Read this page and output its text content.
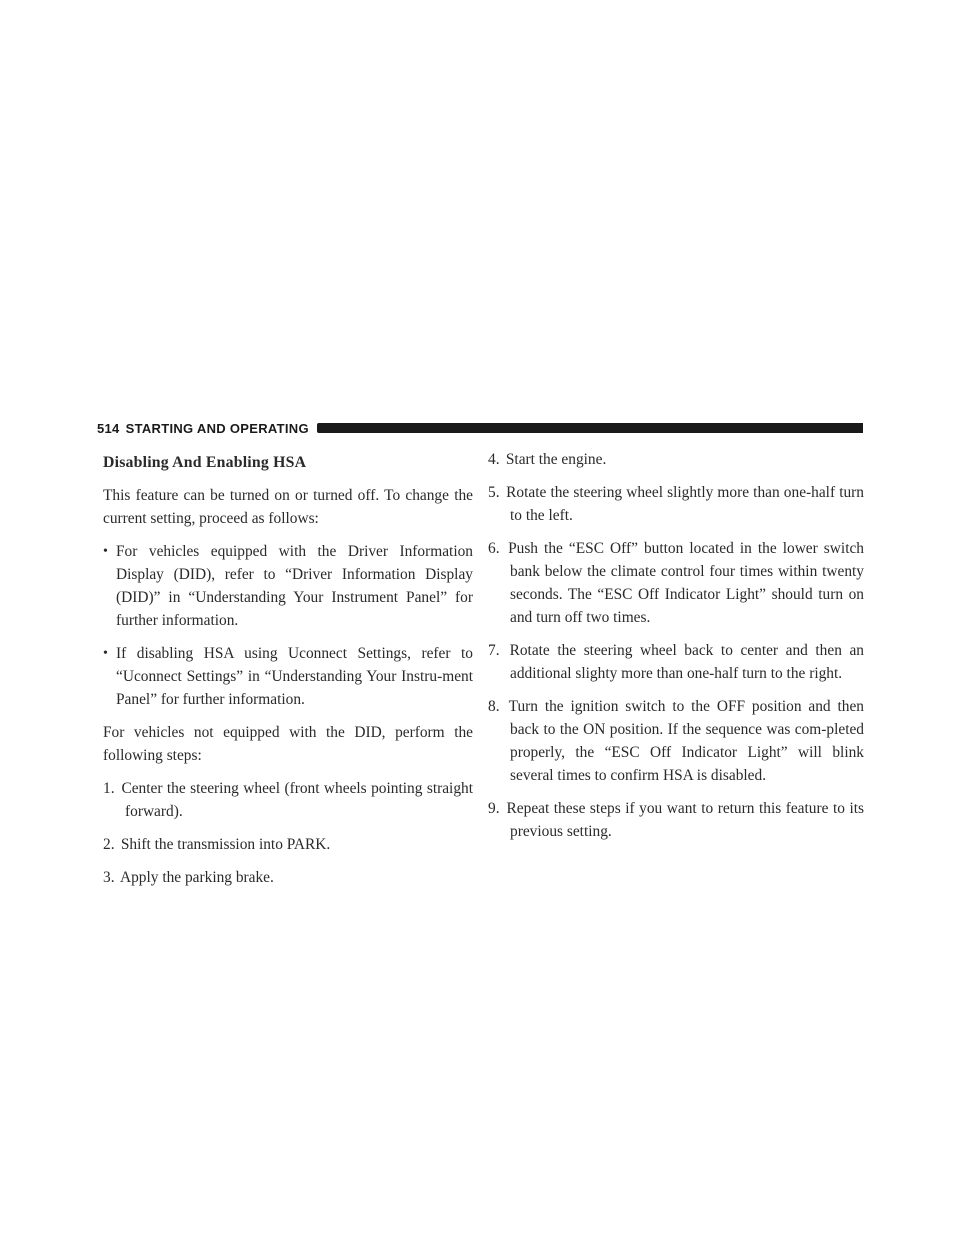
514 STARTING AND OPERATING
Disabling And Enabling HSA

This feature can be turned on or turned off. To change the current setting, proceed as follows:

• For vehicles equipped with the Driver Information Display (DID), refer to “Driver Information Display (DID)” in “Understanding Your Instrument Panel” for further information.
• If disabling HSA using Uconnect Settings, refer to “Uconnect Settings” in “Understanding Your Instru-ment Panel” for further information.

For vehicles not equipped with the DID, perform the following steps:

1. Center the steering wheel (front wheels pointing straight forward).
2. Shift the transmission into PARK.
3. Apply the parking brake.
4. Start the engine.
5. Rotate the steering wheel slightly more than one-half turn to the left.
6. Push the “ESC Off” button located in the lower switch bank below the climate control four times within twenty seconds. The “ESC Off Indicator Light” should turn on and turn off two times.
7. Rotate the steering wheel back to center and then an additional slighty more than one-half turn to the right.
8. Turn the ignition switch to the OFF position and then back to the ON position. If the sequence was com-pleted properly, the “ESC Off Indicator Light” will blink several times to confirm HSA is disabled.
9. Repeat these steps if you want to return this feature to its previous setting.
